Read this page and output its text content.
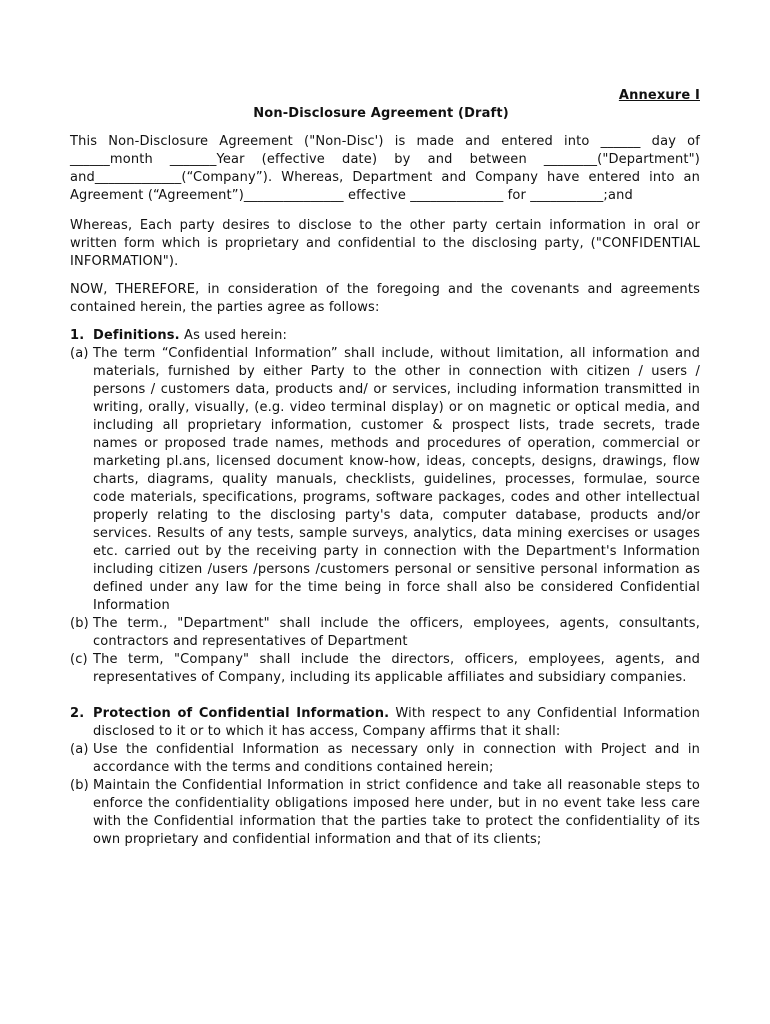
Annexure I

Non-Disclosure Agreement (Draft)

This Non-Disclosure Agreement ("Non-Disc') is made and entered into ______ day of ______month _______Year (effective date) by and between ________("Department") and_____________(“Company”). Whereas, Department and Company have entered into an Agreement (“Agreement”)_______________ effective ______________ for ___________;and

Whereas, Each party desires to disclose to the other party certain information in oral or written form which is proprietary and confidential to the disclosing party, ("CONFIDENTIAL INFORMATION").

NOW, THEREFORE, in consideration of the foregoing and the covenants and agreements contained herein, the parties agree as follows:

1. Definitions. As used herein:
(a) The term “Confidential Information” shall include, without limitation, all information and materials, furnished by either Party to the other in connection with citizen / users / persons / customers data, products and/ or services, including information transmitted in writing, orally, visually, (e.g. video terminal display) or on magnetic or optical media, and including all proprietary information, customer & prospect lists, trade secrets, trade names or proposed trade names, methods and procedures of operation, commercial or marketing pl.ans, licensed document know-how, ideas, concepts, designs, drawings, flow charts, diagrams, quality manuals, checklists, guidelines, processes, formulae, source code materials, specifications, programs, software packages, codes and other intellectual properly relating to the disclosing party's data, computer database, products and/or services. Results of any tests, sample surveys, analytics, data mining exercises or usages etc. carried out by the receiving party in connection with the Department's Information including citizen /users /persons /customers personal or sensitive personal information as defined under any law for the time being in force shall also be considered Confidential Information
(b) The term., "Department" shall include the officers, employees, agents, consultants, contractors and representatives of Department
(c) The term, "Company" shall include the directors, officers, employees, agents, and representatives of Company, including its applicable affiliates and subsidiary companies.
2. Protection of Confidential Information. With respect to any Confidential Information disclosed to it or to which it has access, Company affirms that it shall:
(a) Use the confidential Information as necessary only in connection with Project and in accordance with the terms and conditions contained herein;
(b) Maintain the Confidential Information in strict confidence and take all reasonable steps to enforce the confidentiality obligations imposed here under, but in no event take less care with the Confidential information that the parties take to protect the confidentiality of its own proprietary and confidential information and that of its clients;
